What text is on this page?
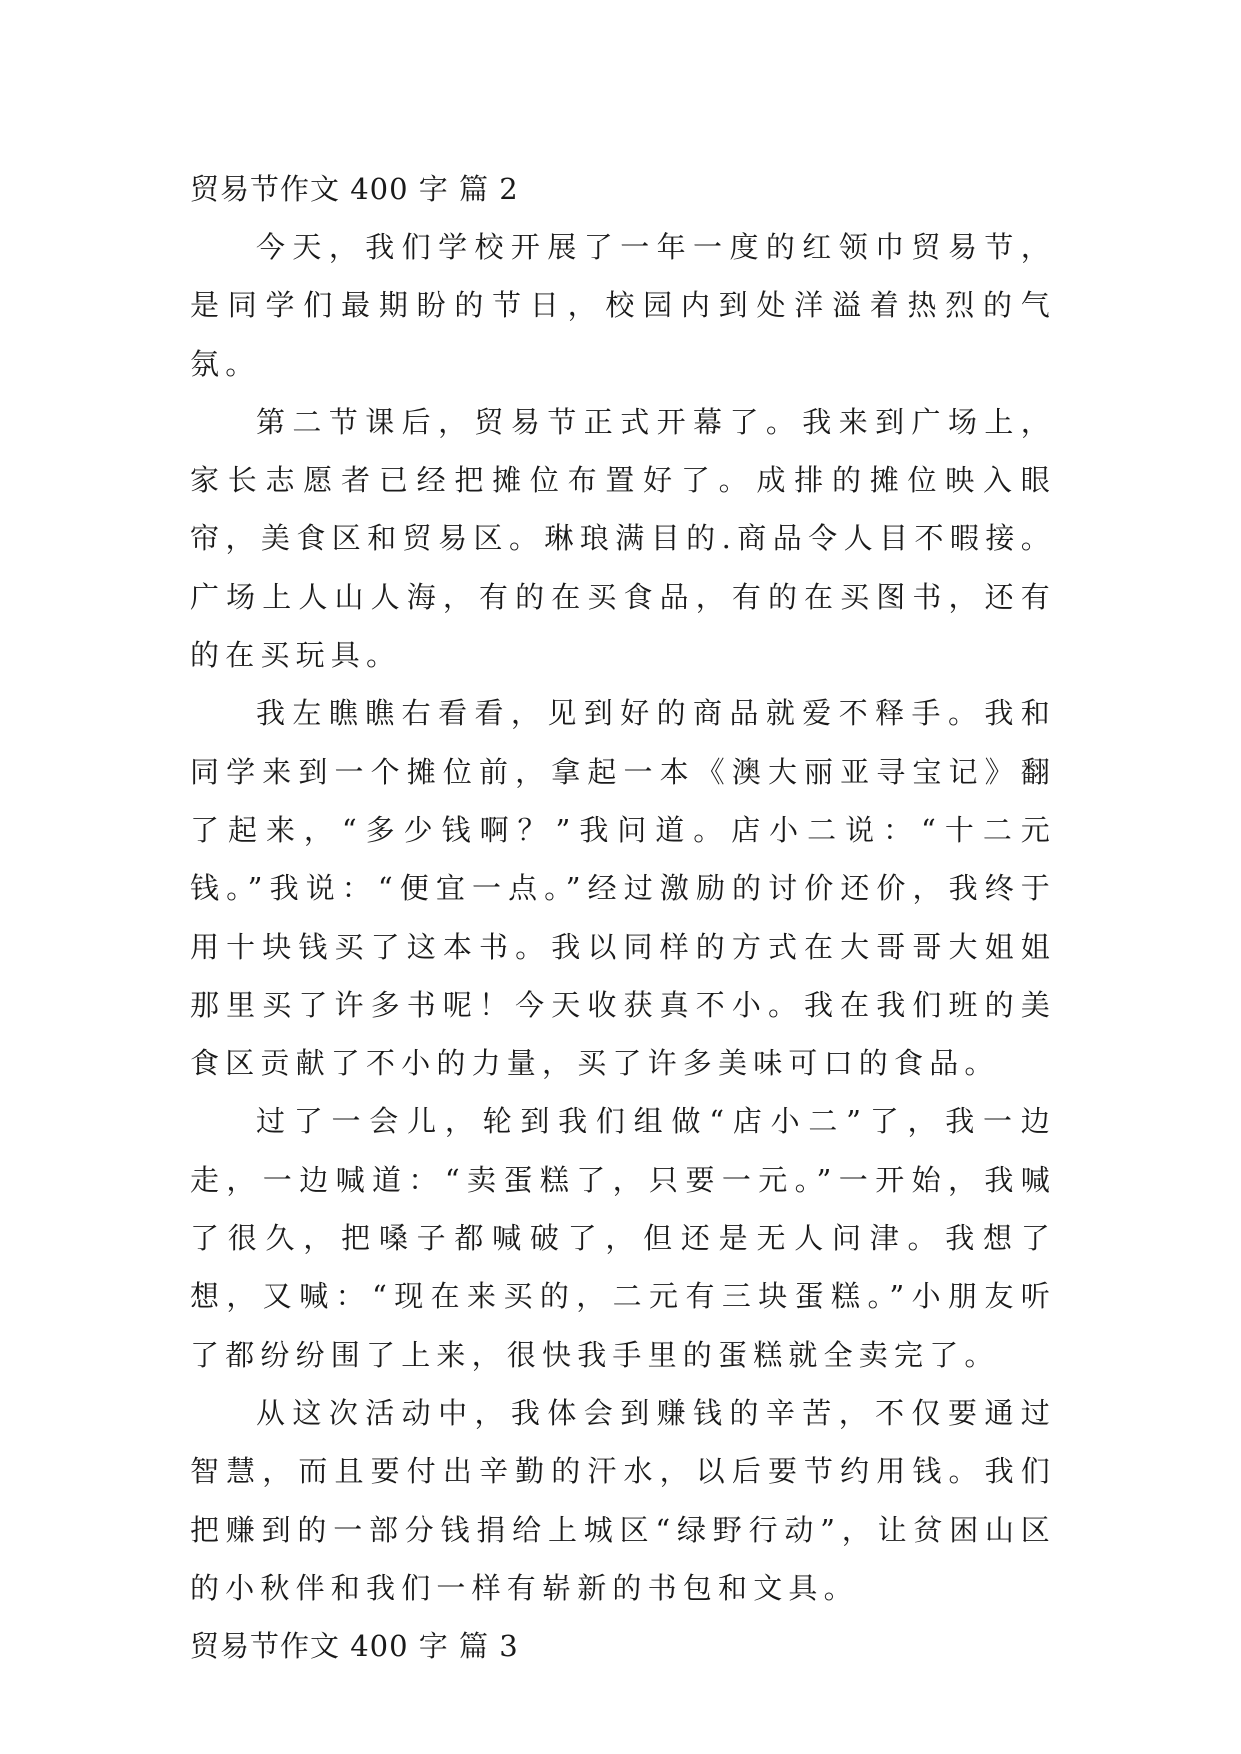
贸易节作文 400 字 篇 2

今天，我们学校开展了一年一度的红领巾贸易节，是同学们最期盼的节日，校园内到处洋溢着热烈的气氛。

第二节课后，贸易节正式开幕了。我来到广场上，家长志愿者已经把摊位布置好了。成排的摊位映入眼帘，美食区和贸易区。琳琅满目的.商品令人目不暇接。广场上人山人海，有的在买食品，有的在买图书，还有的在买玩具。

我左瞧瞧右看看，见到好的商品就爱不释手。我和同学来到一个摊位前，拿起一本《澳大丽亚寻宝记》翻了起来，“多少钱啊？”我问道。店小二说：“十二元钱。”我说：“便宜一点。”经过激励的讨价还价，我终于用十块钱买了这本书。我以同样的方式在大哥哥大姐姐那里买了许多书呢！今天收获真不小。我在我们班的美食区贡献了不小的力量，买了许多美味可口的食品。

过了一会儿，轮到我们组做“店小二”了，我一边走，一边喊道：“卖蛋糕了，只要一元。”一开始，我喊了很久，把嗓子都喊破了，但还是无人问津。我想了想，又喊：“现在来买的，二元有三块蛋糕。”小朋友听了都纷纷围了上来，很快我手里的蛋糕就全卖完了。

从这次活动中，我体会到赚钱的辛苦，不仅要通过智慧，而且要付出辛勤的汗水，以后要节约用钱。我们把赚到的一部分钱捐给上城区“绿野行动”，让贫困山区的小秋伴和我们一样有崭新的书包和文具。

贸易节作文 400 字 篇 3
